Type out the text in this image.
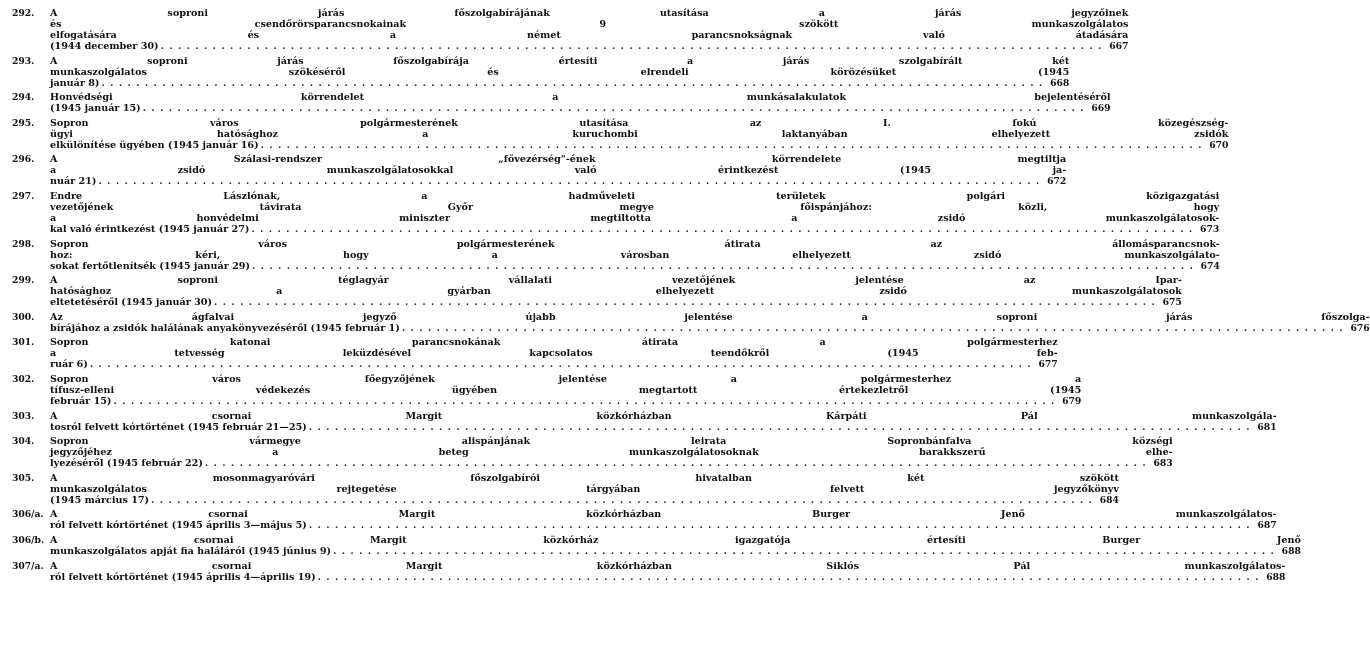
292.	A soproni járás főszolgabírájának utasítása a járás jegyzőinek
és csendőrörsparancsnokainak 9 szökött munkaszolgálatos
elfogatására és a német parancsnokságnak való átadására
(1944 december 30) . . .	667
293.	A soproni járás főszolgabírája értesíti a járás szolgabírált két
munkaszolgálatos szökéséről és elrendeli körözésüket (1945
január 8) . . .	668
294.	Honvédségi körrendelet a munkásalakulatok bejelentéséről
(1945 január 15) . . .	669
295.	Sopron város polgármesterének utasítása az I. fokú közegészség-
ügyi hatósághoz a kuruchombi laktanyában elhelyezett zsidók
elkülönítése ügyében (1945 január 16) . . .	670
296.	A Szálasi-rendszer „fővezérség"-ének körrendelete megtiltja
a zsidó munkaszolgálatosokkal való érintkezést (1945 ja-
nuár 21) . . .	672
297.	Endre Lászlónak, a hadműveleti területek polgári közigazgatási
vezetőjének távirata Győr megye főispánjához: közli, hogy
a honvédelmi miniszter megtiltotta a zsidó munkaszolgálatosok-
kal való érintkezést (1945 január 27) . . .	673
298.	Sopron város polgármesterének átirata az állomásparancsnok-
hoz: kéri, hogy a városban elhelyezett zsidó munkaszolgálato-
sokat fertőtlenítsék (1945 január 29) . . .	674
299.	A soproni téglagyár vállalati vezetőjének jelentése az Ipar-
hatósághoz a gyárban elhelyezett zsidó munkaszolgálatosok
eltetetéséről (1945 január 30) . . .	675
300.	Az ágfalvai jegyző újabb jelentése a soproni járás főszolga-
bírájához a zsidók halálának anyakönyvezéséről (1945 február 1) . . .	676
301.	Sopron katonai parancsnokának átirata a polgármesterhez
a tetvesség leküzdésével kapcsolatos teendőkről (1945 feb-
ruár 6) . . .	677
302.	Sopron város főegyzőjének jelentése a polgármesterhez a
tífusz-elleni védekezés ügyében megtartott értekezletről (1945
február 15) . . .	679
303.	A csornai Margit közkórházban Kárpáti Pál munkaszolgála-
tosról felvett kórtörténet (1945 február 21—25) . . .	681
304.	Sopron vármegye alispánjának leirata Sopronbánfalva községi
jegyzőjéhez a beteg munkaszolgálatosoknak barakkszerű elhe-
lyezéséről (1945 február 22) . . .	683
305.	A mosonmagyaróvári főszolgabírói hivatalban két szökött
munkaszolgálatos rejtegetése tárgyában felvett jegyzőkönyv
(1945 március 17) . . .	684
306/a. A csornai Margit közkórházban Burger Jenő munkaszolgálatos-
ról felvett kórtörténet (1945 április 3—május 5) . . .	687
306/b. A csornai Margit közkórház igazgatója értesíti Burger Jenő
munkaszolgálatos apját fia haláláról (1945 június 9) . . .	688
307/a. A csornai Margit közkórházban Siklós Pál munkaszolgálatos-
ról felvett kórtörténet (1945 április 4—április 19) . . .	688
